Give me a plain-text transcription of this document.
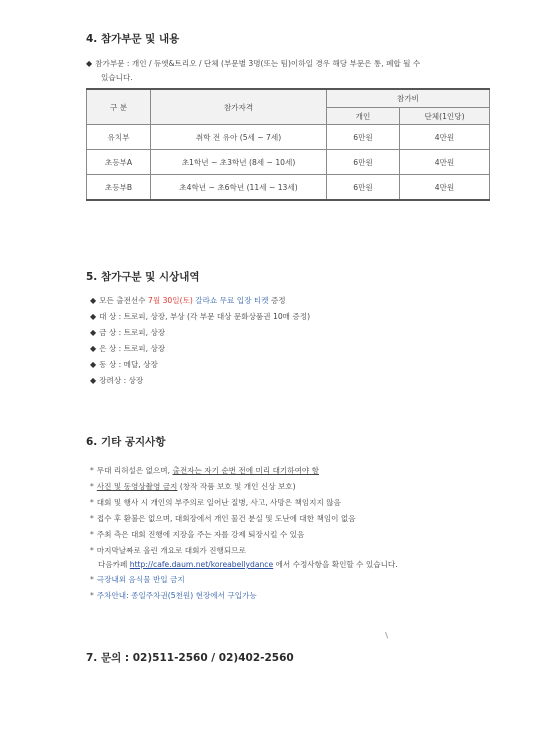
4. 참가부문 및 내용
◆ 참가부문 : 개인 / 듀엣&트리오 / 단체 (부문별 3명(또는 팀)이하일 경우 해당 부문은 통, 폐합 될 수
있습니다.
구 분	참가자격	참가비	
		개인	단체(1인당)
유치부	취학 전 유아 (5세 ~ 7세)	6만원	4만원
초등부A	초1학년 ~ 초3학년 (8세 ~ 10세)	6만원	4만원
초등부B	초4학년 ~ 초6학년 (11세 ~ 13세)	6만원	4만원
5. 참가구분 및 시상내역
◆ 모든 출전선수 7월 30일(토) 갈라쇼 무료 입장 티켓 증정
◆ 대 상 : 트로피, 상장, 부상 (각 부문 대상 문화상품권 10매 증정)
◆ 금 상 : 트로피, 상장
◆ 은 상 : 트로피, 상장
◆ 동 상 : 메달, 상장
◆ 장려상 : 상장
6. 기타 공지사항
* 무대 리허설은 없으며, 출전자는 자기 순번 전에 미리 대기하여야 함
* 사진 및 동영상촬영 금지 (창작 작품 보호 및 개인 신상 보호)
* 대회 및 행사 시 개인의 부주의로 일어난 질병, 사고, 사망은 책임지지 않음
* 접수 후 환불은 없으며, 대회장에서 개인 물건 분실 및 도난에 대한 책임이 없음
* 주최 측은 대회 진행에 지장을 주는 자를 강제 퇴장시킬 수 있음
* 마지막날짜로 올린 개요로 대회가 진행되므로
다음카페 http://cafe.daum.net/koreabellydance 에서 수정사항을 확인할 수 있습니다.
* 극장내외 음식물 반입 금지
* 주차안내: 종일주차권(5천원) 현장에서 구입가능
7. 문의 : 02)511-2560 / 02)402-2560
